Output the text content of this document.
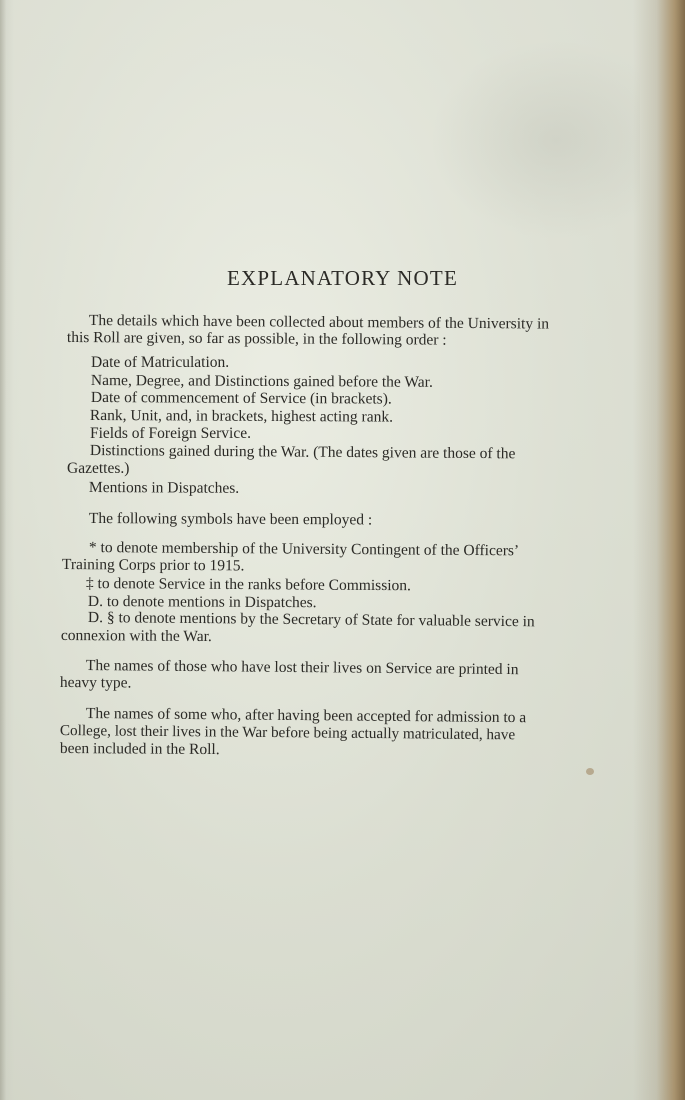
EXPLANATORY NOTE
The details which have been collected about members of the University in
this Roll are given, so far as possible, in the following order :
Date of Matriculation.
Name, Degree, and Distinctions gained before the War.
Date of commencement of Service (in brackets).
Rank, Unit, and, in brackets, highest acting rank.
Fields of Foreign Service.
Distinctions gained during the War. (The dates given are those of the
Gazettes.)
Mentions in Dispatches.
The following symbols have been employed :
* to denote membership of the University Contingent of the Officers’
Training Corps prior to 1915.
‡ to denote Service in the ranks before Commission.
D. to denote mentions in Dispatches.
D. § to denote mentions by the Secretary of State for valuable service in
connexion with the War.
The names of those who have lost their lives on Service are printed in
heavy type.
The names of some who, after having been accepted for admission to a
College, lost their lives in the War before being actually matriculated, have
been included in the Roll.
